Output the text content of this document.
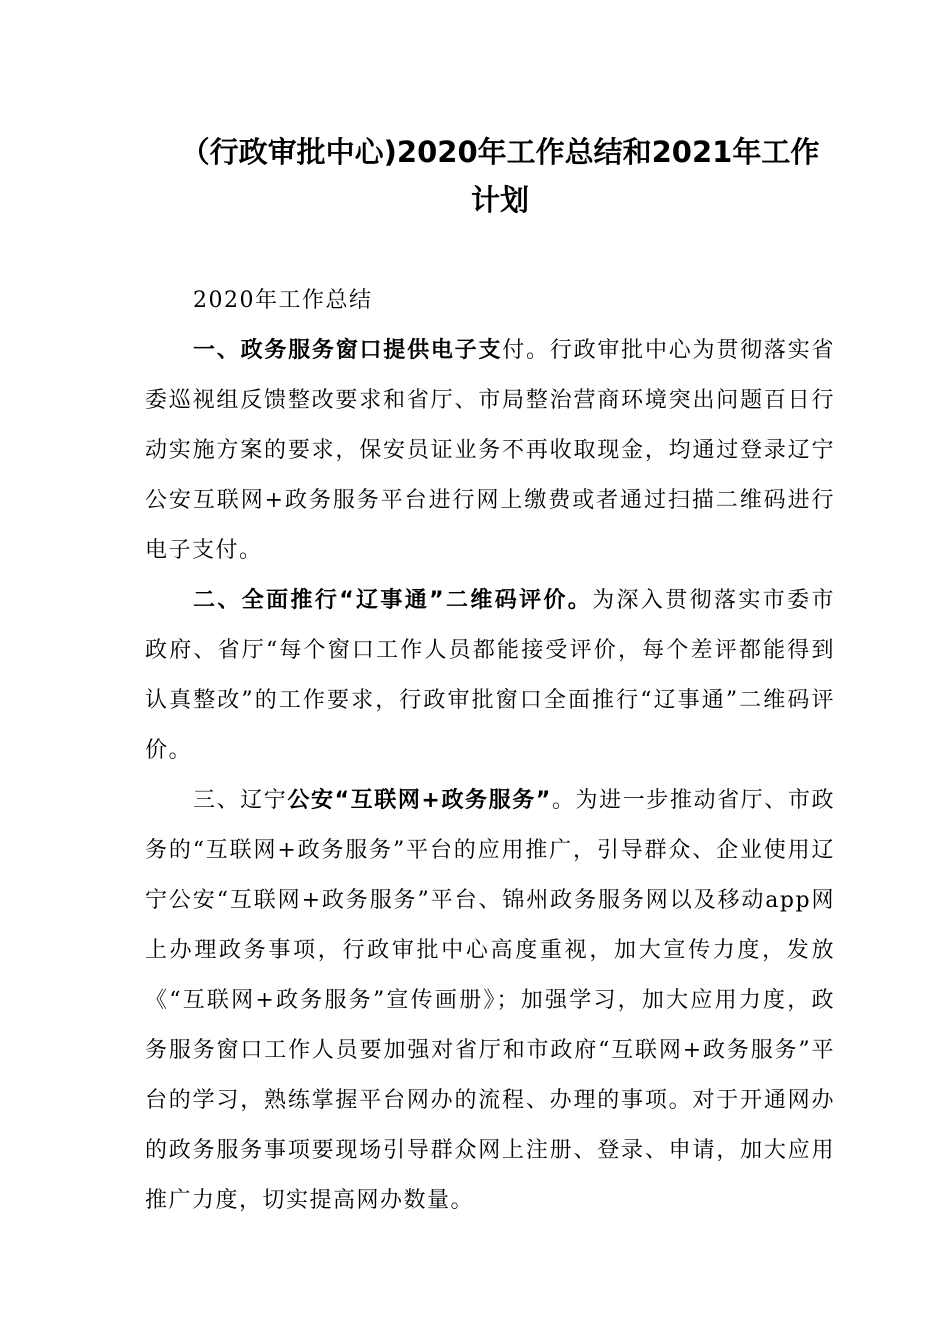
（行政审批中心)2020年工作总结和2021年工作
计划

2020年工作总结

一、政务服务窗口提供电子支付。行政审批中心为贯彻落实省委巡视组反馈整改要求和省厅、市局整治营商环境突出问题百日行动实施方案的要求，保安员证业务不再收取现金，均通过登录辽宁公安互联网+政务服务平台进行网上缴费或者通过扫描二维码进行电子支付。

二、全面推行“辽事通”二维码评价。为深入贯彻落实市委市政府、省厅“每个窗口工作人员都能接受评价，每个差评都能得到认真整改”的工作要求，行政审批窗口全面推行“辽事通”二维码评价。

三、辽宁公安“互联网+政务服务”。为进一步推动省厅、市政务的“互联网+政务服务”平台的应用推广，引导群众、企业使用辽宁公安“互联网+政务服务”平台、锦州政务服务网以及移动app网上办理政务事项，行政审批中心高度重视，加大宣传力度，发放《“互联网+政务服务”宣传画册》；加强学习，加大应用力度，政务服务窗口工作人员要加强对省厅和市政府“互联网+政务服务”平台的学习，熟练掌握平台网办的流程、办理的事项。对于开通网办的政务服务事项要现场引导群众网上注册、登录、申请，加大应用推广力度，切实提高网办数量。
